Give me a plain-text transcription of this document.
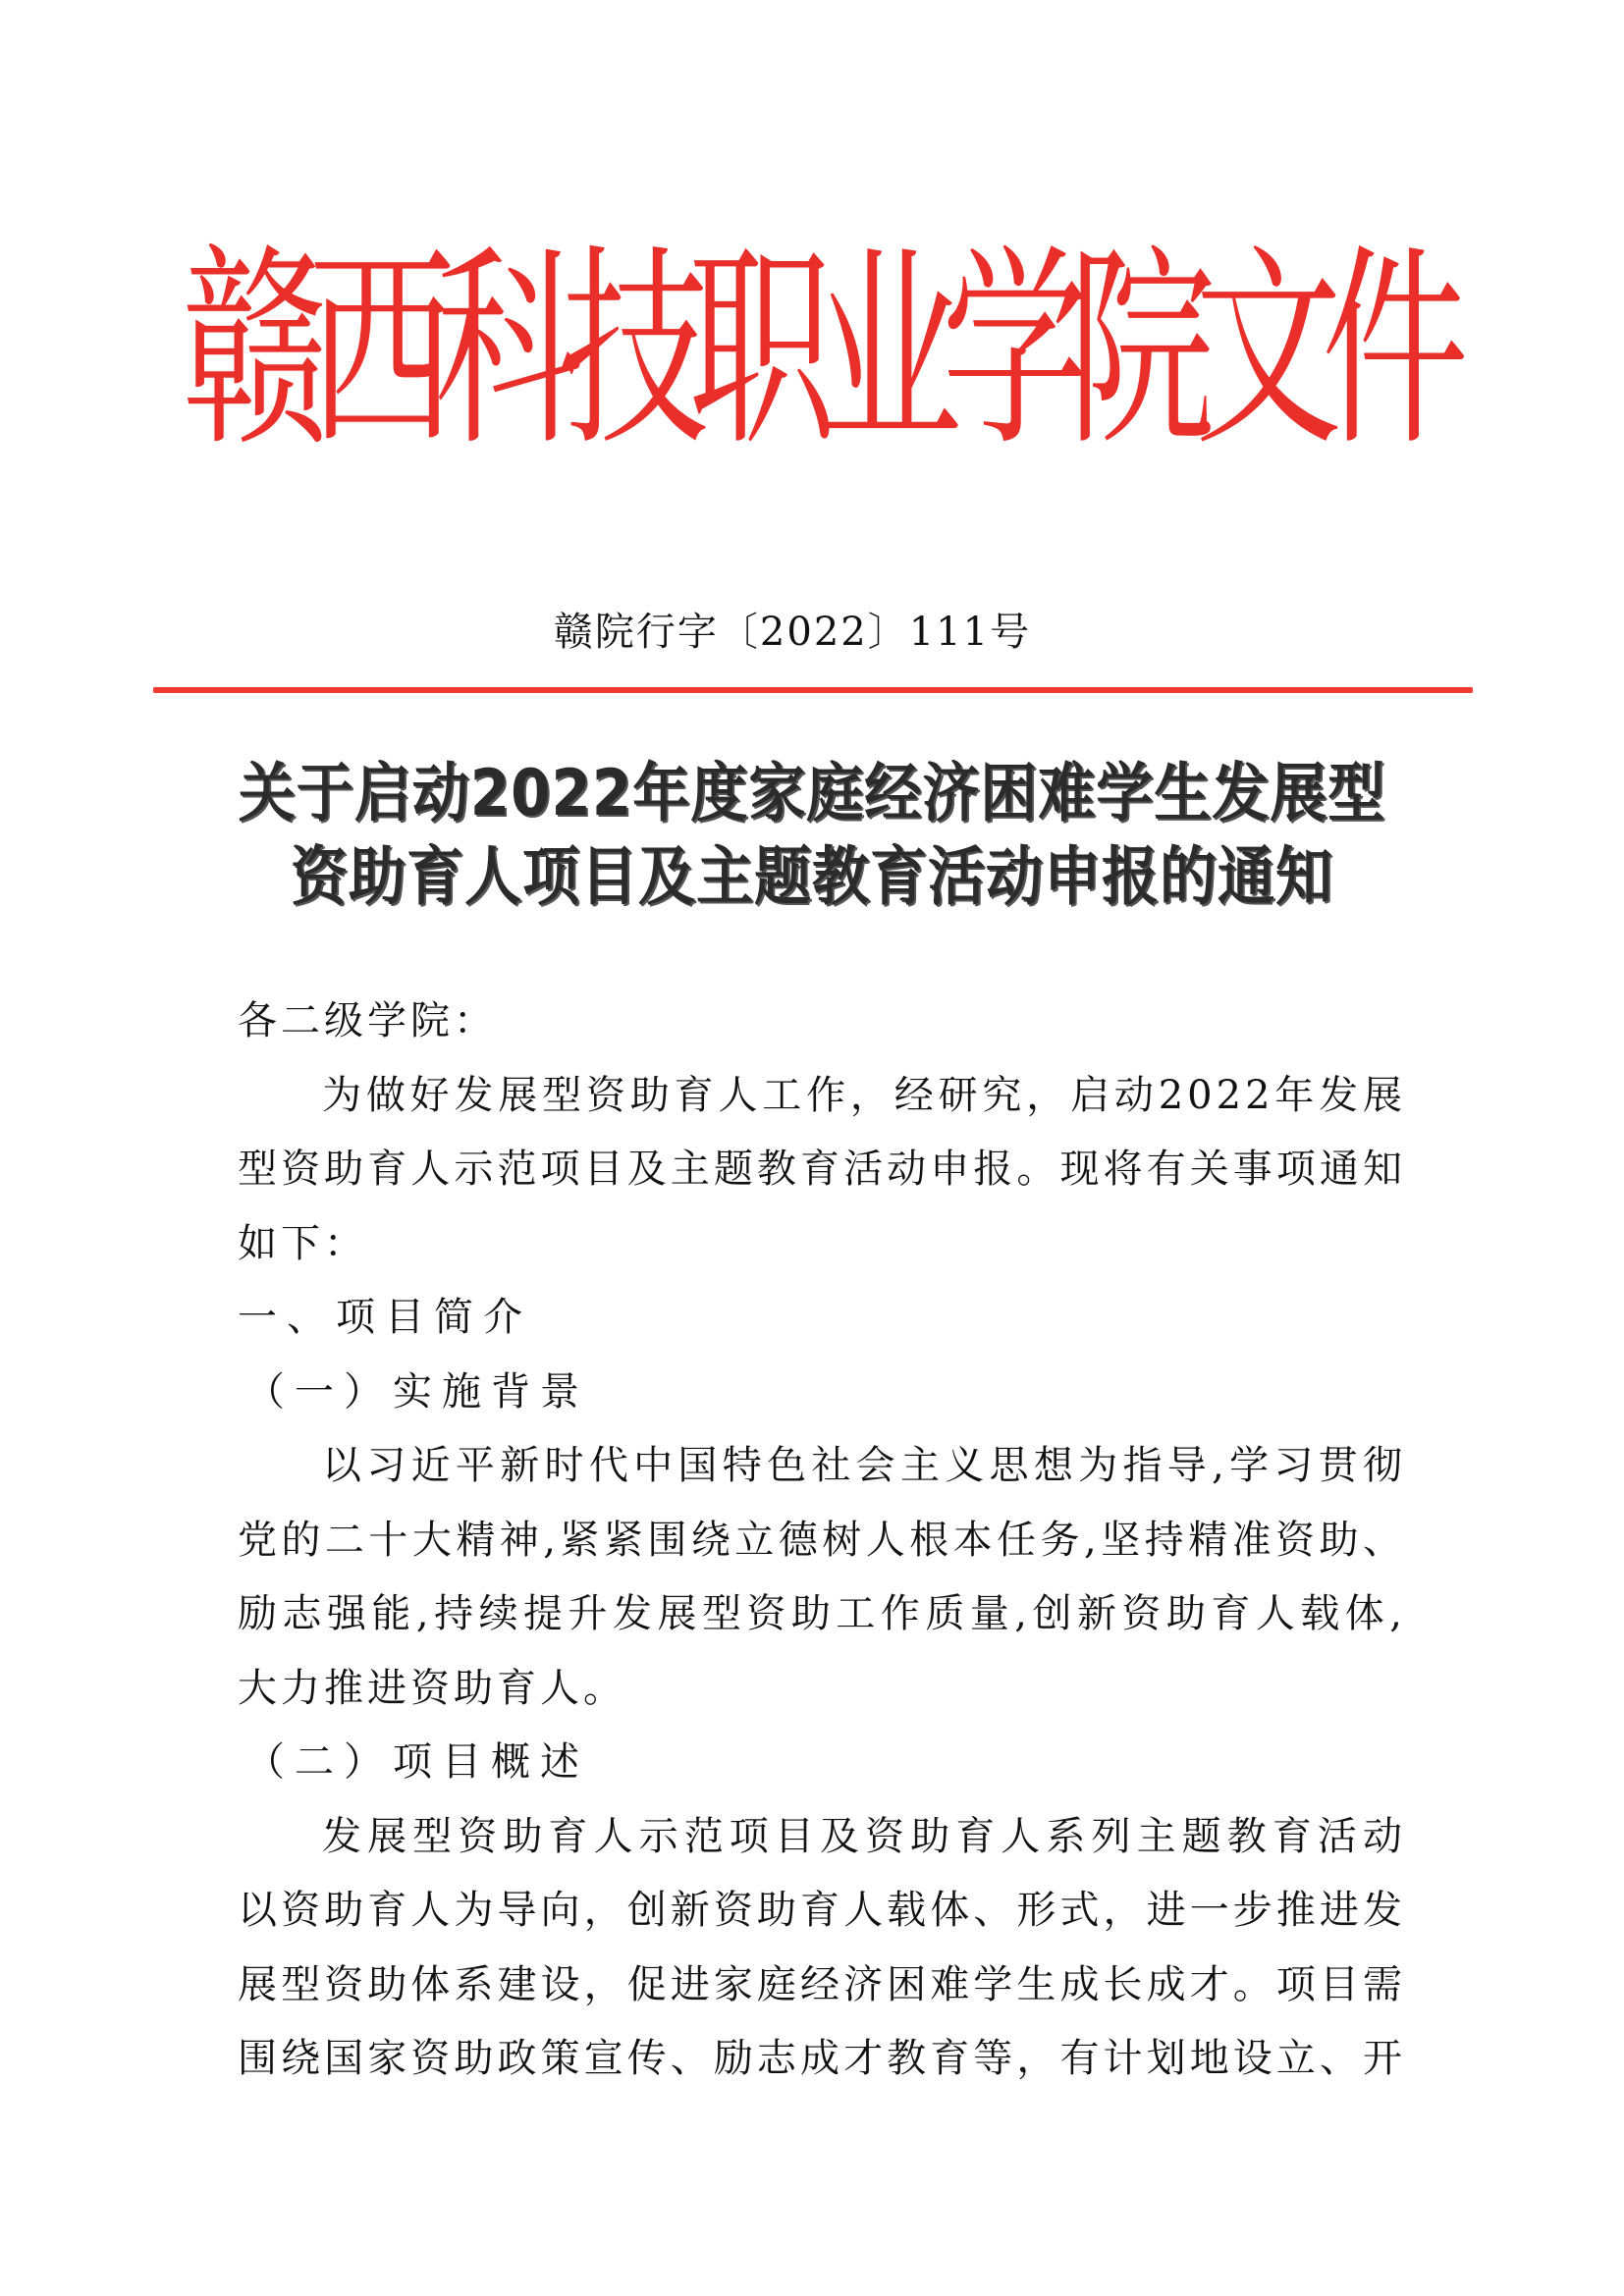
赣
西
科
技
职
业
学
院
文
件
赣院行字〔2022〕111号
关于启动2022年度家庭经济困难学生发展型
资助育人项目及主题教育活动申报的通知
各二级学院：
为做好发展型资助育人工作，经研究，启动2022年发展
型资助育人示范项目及主题教育活动申报。现将有关事项通知
如下：
一、项目简介
（一）实施背景
以习近平新时代中国特色社会主义思想为指导,学习贯彻
党的二十大精神,紧紧围绕立德树人根本任务,坚持精准资助、
励志强能,持续提升发展型资助工作质量,创新资助育人载体,
大力推进资助育人。
（二）项目概述
发展型资助育人示范项目及资助育人系列主题教育活动
以资助育人为导向，创新资助育人载体、形式，进一步推进发
展型资助体系建设，促进家庭经济困难学生成长成才。项目需
围绕国家资助政策宣传、励志成才教育等，有计划地设立、开
